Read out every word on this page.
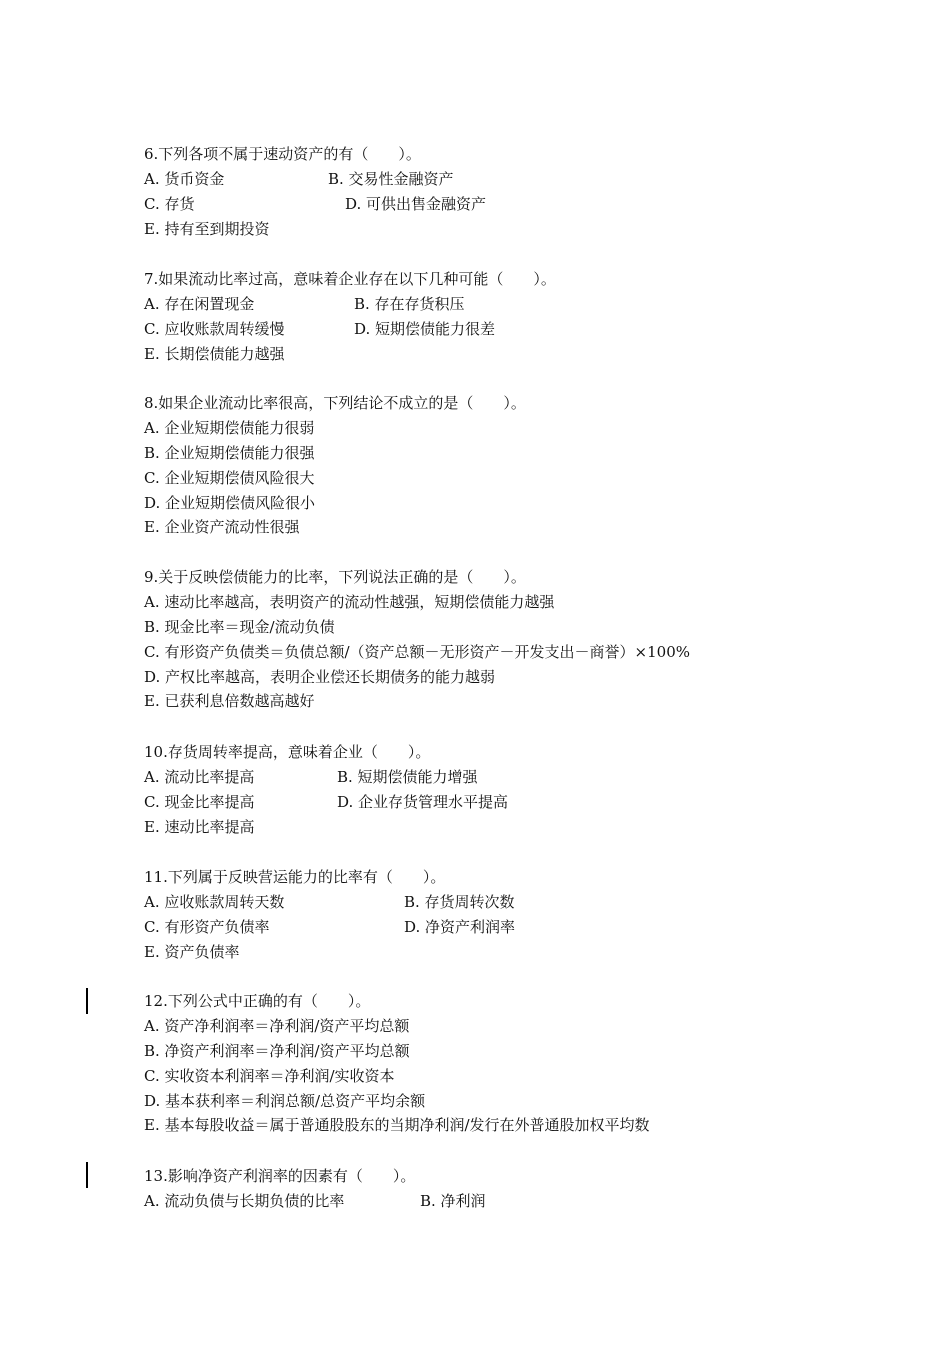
6.下列各项不属于速动资产的有（　　）。
A. 货币资金	B. 交易性金融资产
C. 存货	D. 可供出售金融资产
E. 持有至到期投资
7.如果流动比率过高，意味着企业存在以下几种可能（　　）。
A. 存在闲置现金	B. 存在存货积压
C. 应收账款周转缓慢	D. 短期偿债能力很差
E. 长期偿债能力越强
8.如果企业流动比率很高，下列结论不成立的是（　　）。
A. 企业短期偿债能力很弱
B. 企业短期偿债能力很强
C. 企业短期偿债风险很大
D. 企业短期偿债风险很小
E. 企业资产流动性很强
9.关于反映偿债能力的比率，下列说法正确的是（　　）。
A. 速动比率越高，表明资产的流动性越强，短期偿债能力越强
B. 现金比率＝现金/流动负债
C. 有形资产负债类＝负债总额/（资产总额－无形资产－开发支出－商誉）×100%
D. 产权比率越高，表明企业偿还长期债务的能力越弱
E. 已获利息倍数越高越好
10.存货周转率提高，意味着企业（　　）。
A. 流动比率提高	B. 短期偿债能力增强
C. 现金比率提高	D. 企业存货管理水平提高
E. 速动比率提高
11.下列属于反映营运能力的比率有（　　）。
A. 应收账款周转天数	B. 存货周转次数
C. 有形资产负债率	D. 净资产利润率
E. 资产负债率
12.下列公式中正确的有（　　）。
A. 资产净利润率＝净利润/资产平均总额
B. 净资产利润率＝净利润/资产平均总额
C. 实收资本利润率＝净利润/实收资本
D. 基本获利率＝利润总额/总资产平均余额
E. 基本每股收益＝属于普通股股东的当期净利润/发行在外普通股加权平均数
13.影响净资产利润率的因素有（　　）。
A. 流动负债与长期负债的比率	B. 净利润
